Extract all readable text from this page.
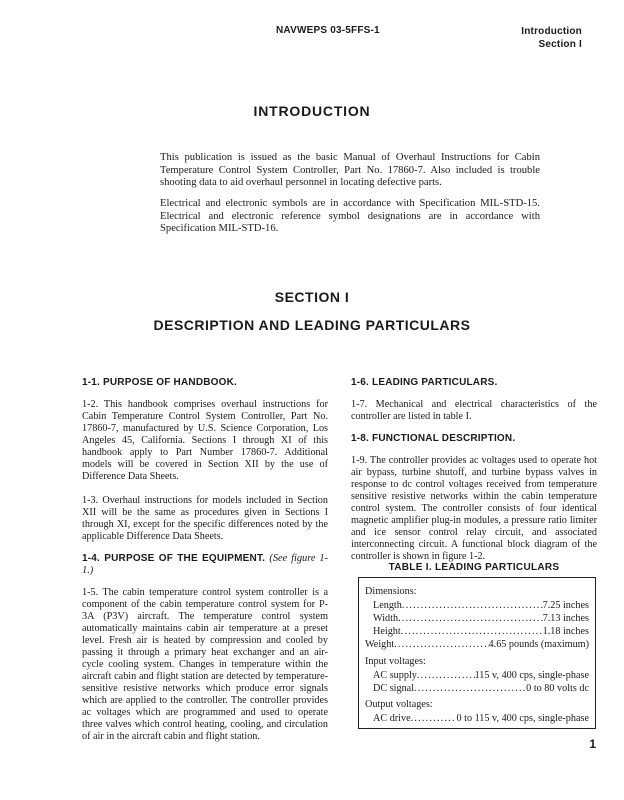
NAVWEPS 03-5FFS-1	Introduction
Section I
INTRODUCTION
This publication is issued as the basic Manual of Overhaul Instructions for Cabin Temperature Control System Controller, Part No. 17860-7. Also included is trouble shooting data to aid overhaul personnel in locating defective parts.
Electrical and electronic symbols are in accordance with Specification MIL-STD-15. Electrical and electronic reference symbol designations are in accordance with Specification MIL-STD-16.
SECTION I
DESCRIPTION AND LEADING PARTICULARS
1-1. PURPOSE OF HANDBOOK.

1-2. This handbook comprises overhaul instructions for Cabin Temperature Control System Controller, Part No. 17860-7, manufactured by U.S. Science Corporation, Los Angeles 45, California. Sections I through XI of this handbook apply to Part Number 17860-7. Additional models will be covered in Section XII by the use of Difference Data Sheets.

1-3. Overhaul instructions for models included in Section XII will be the same as procedures given in Sections I through XI, except for the specific differences noted by the applicable Difference Data Sheets.

1-4. PURPOSE OF THE EQUIPMENT. (See figure 1-1.)

1-5. The cabin temperature control system controller is a component of the cabin temperature control system for P-3A (P3V) aircraft. The temperature control system automatically maintains cabin air temperature at a preset level. Fresh air is heated by compression and cooled by passing it through a primary heat exchanger and an air-cycle cooling system. Changes in temperature within the aircraft cabin and flight station are detected by temperature-sensitive resistive networks which produce error signals which are applied to the controller. The controller provides ac voltages which are programmed and used to operate three valves which control heating, cooling, and circulation of air in the aircraft cabin and flight station.

1-6. LEADING PARTICULARS.

1-7. Mechanical and electrical characteristics of the controller are listed in table I.

1-8. FUNCTIONAL DESCRIPTION.

1-9. The controller provides ac voltages used to operate hot air bypass, turbine shutoff, and turbine bypass valves in response to dc control voltages received from temperature sensitive resistive networks within the cabin temperature control system. The controller consists of four identical magnetic amplifier plug-in modules, a pressure ratio limiter and ice sensor control relay circuit, and associated interconnecting circuit. A functional block diagram of the controller is shown in figure 1-2.

TABLE I. LEADING PARTICULARS
Dimensions:
Length .....	7.25 inches
Width .....	7.13 inches
Height .....	1.18 inches
Weight .....	4.65 pounds (maximum)
Input voltages:
AC supply .....	115 v, 400 cps, single-phase
DC signal .....	0 to 80 volts dc
Output voltages:
AC drive .....	0 to 115 v, 400 cps, single-phase
1
